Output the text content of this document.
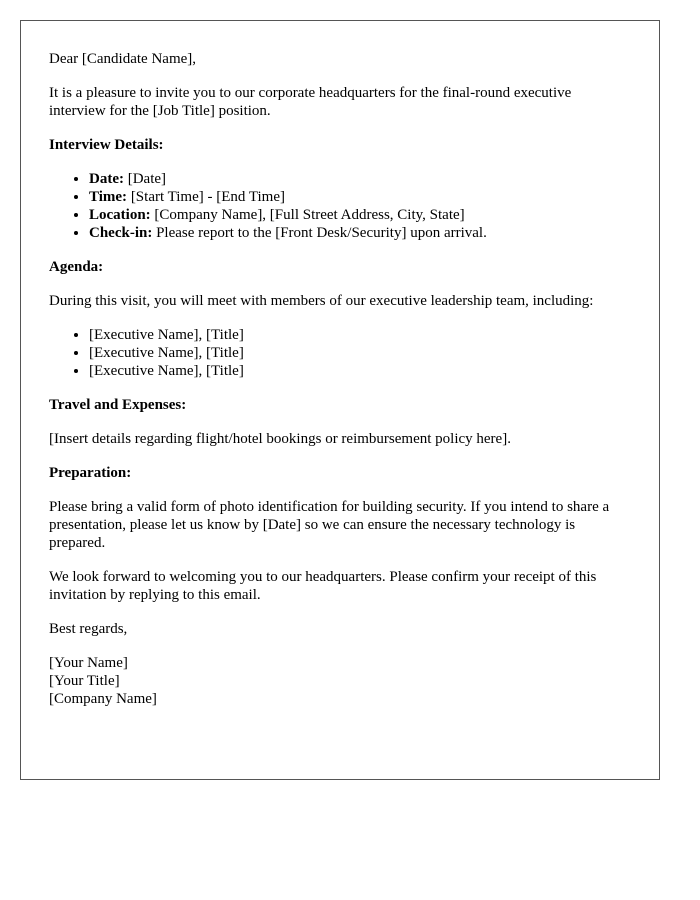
Dear [Candidate Name],

It is a pleasure to invite you to our corporate headquarters for the final-round executive interview for the [Job Title] position.

Interview Details:

• Date: [Date]
• Time: [Start Time] - [End Time]
• Location: [Company Name], [Full Street Address, City, State]
• Check-in: Please report to the [Front Desk/Security] upon arrival.

Agenda:

During this visit, you will meet with members of our executive leadership team, including:

• [Executive Name], [Title]
• [Executive Name], [Title]
• [Executive Name], [Title]

Travel and Expenses:

[Insert details regarding flight/hotel bookings or reimbursement policy here].

Preparation:

Please bring a valid form of photo identification for building security. If you intend to share a presentation, please let us know by [Date] so we can ensure the necessary technology is prepared.

We look forward to welcoming you to our headquarters. Please confirm your receipt of this invitation by replying to this email.

Best regards,

[Your Name]
[Your Title]
[Company Name]
